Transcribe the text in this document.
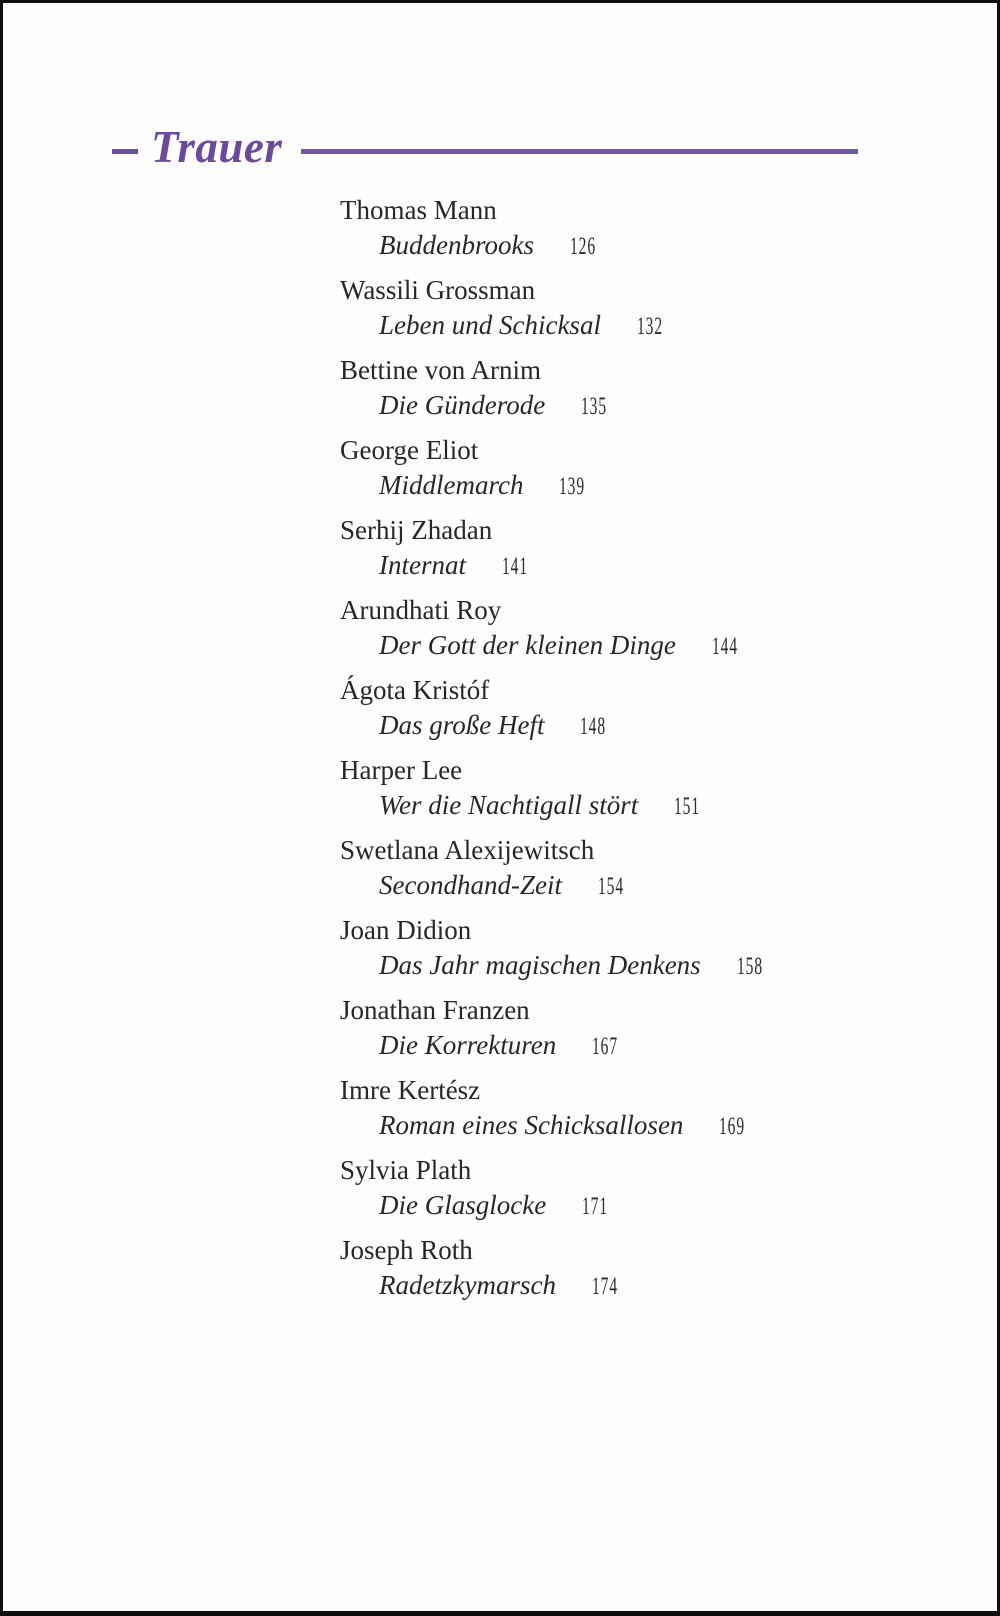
Trauer
Thomas Mann
Buddenbrooks 126
Wassili Grossman
Leben und Schicksal 132
Bettine von Arnim
Die Günderode 135
George Eliot
Middlemarch 139
Serhij Zhadan
Internat 141
Arundhati Roy
Der Gott der kleinen Dinge 144
Ágota Kristóf
Das große Heft 148
Harper Lee
Wer die Nachtigall stört 151
Swetlana Alexijewitsch
Secondhand-Zeit 154
Joan Didion
Das Jahr magischen Denkens 158
Jonathan Franzen
Die Korrekturen 167
Imre Kertész
Roman eines Schicksallosen 169
Sylvia Plath
Die Glasglocke 171
Joseph Roth
Radetzkymarsch 174
